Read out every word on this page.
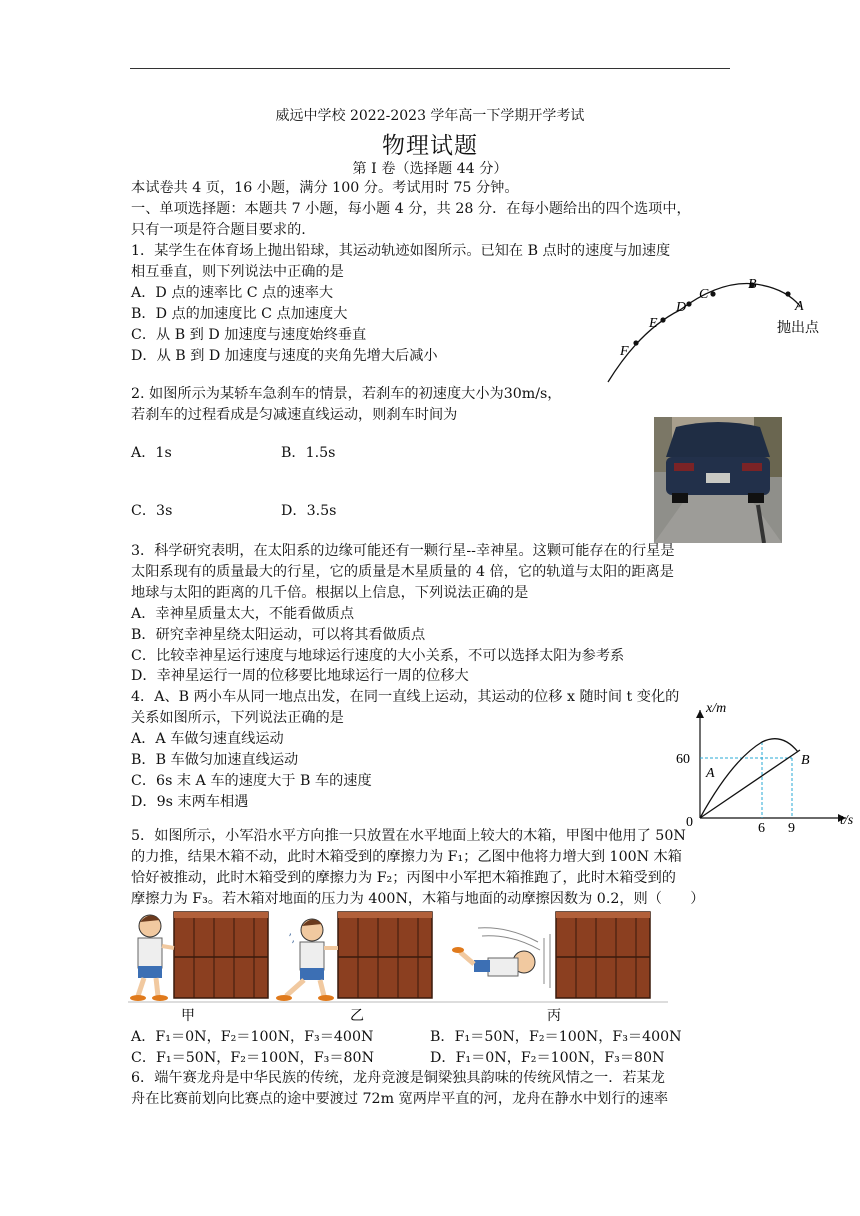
威远中学校 2022-2023 学年高一下学期开学考试
物理试题
第 I 卷（选择题 44 分）
本试卷共 4 页，16 小题，满分 100 分。考试用时 75 分钟。
一、单项选择题：本题共 7 小题，每小题 4 分，共 28 分．在每小题给出的四个选项中，
只有一项是符合题目要求的.
1．某学生在体育场上抛出铅球，其运动轨迹如图所示。已知在 B 点时的速度与加速度
相互垂直，则下列说法中正确的是
A．D 点的速率比 C 点的速率大
B．D 点的加速度比 C 点加速度大
C．从 B 到 D 加速度与速度始终垂直
D．从 B 到 D 加速度与速度的夹角先增大后减小	F
E
D
C
B
A
抛出点
2. 如图所示为某轿车急刹车的情景，若刹车的初速度大小为30m/s，
若刹车的过程看成是匀减速直线运动，则刹车时间为
A．1s	B．1.5s
C．3s	D．3.5s
3．科学研究表明，在太阳系的边缘可能还有一颗行星--幸神星。这颗可能存在的行星是
太阳系现有的质量最大的行星，它的质量是木星质量的 4 倍，它的轨道与太阳的距离是
地球与太阳的距离的几千倍。根据以上信息，下列说法正确的是
A．幸神星质量太大，不能看做质点
B．研究幸神星绕太阳运动，可以将其看做质点
C．比较幸神星运行速度与地球运行速度的大小关系，不可以选择太阳为参考系
D．幸神星运行一周的位移要比地球运行一周的位移大
4．A、B 两小车从同一地点出发，在同一直线上运动，其运动的位移 x 随时间 t 变化的
关系如图所示，下列说法正确的是
A．A 车做匀速直线运动
B．B 车做匀加速直线运动
C．6s 末 A 车的速度大于 B 车的速度
D．9s 末两车相遇
x/m
t/s
60
6 9
0
A
B
5．如图所示，小军沿水平方向推一只放置在水平地面上较大的木箱，甲图中他用了 50N
的力推，结果木箱不动，此时木箱受到的摩擦力为 F₁；乙图中他将力增大到 100N 木箱
恰好被推动，此时木箱受到的摩擦力为 F₂；丙图中小军把木箱推跑了，此时木箱受到的
摩擦力为 F₃。若木箱对地面的压力为 400N，木箱与地面的动摩擦因数为 0.2，则（　　）
ʼ,
甲	乙	丙
A．F₁＝0N，F₂＝100N，F₃＝400N	B．F₁＝50N，F₂＝100N，F₃＝400N
C．F₁＝50N，F₂＝100N，F₃＝80N	D．F₁＝0N，F₂＝100N，F₃＝80N
6．端午赛龙舟是中华民族的传统，龙舟竞渡是铜梁独具韵味的传统风情之一．若某龙
舟在比赛前划向比赛点的途中要渡过 72m 宽两岸平直的河，龙舟在静水中划行的速率
